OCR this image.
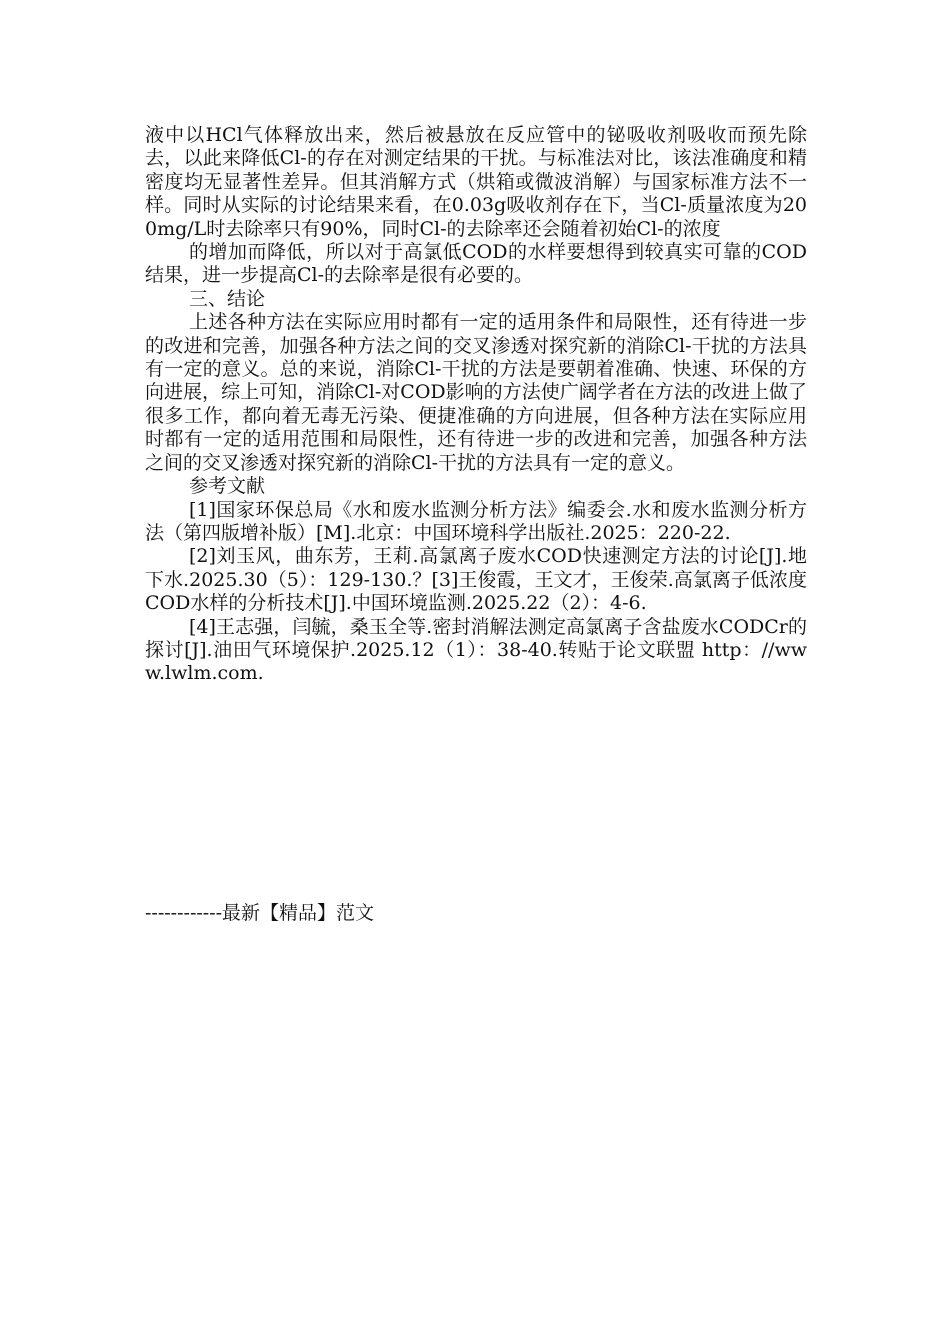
液中以HCl气体释放出来，然后被悬放在反应管中的铋吸收剂吸收而预先除去，以此来降低Cl-的存在对测定结果的干扰。与标准法对比，该法准确度和精密度均无显著性差异。但其消解方式（烘箱或微波消解）与国家标准方法不一样。同时从实际的讨论结果来看，在0.03g吸收剂存在下，当Cl-质量浓度为200mg/L时去除率只有90%，同时Cl-的去除率还会随着初始Cl-的浓度

的增加而降低，所以对于高氯低COD的水样要想得到较真实可靠的COD结果，进一步提高Cl-的去除率是很有必要的。

三、结论

上述各种方法在实际应用时都有一定的适用条件和局限性，还有待进一步的改进和完善，加强各种方法之间的交叉渗透对探究新的消除Cl-干扰的方法具有一定的意义。总的来说，消除Cl-干扰的方法是要朝着准确、快速、环保的方向进展，综上可知，消除Cl-对COD影响的方法使广阔学者在方法的改进上做了很多工作，都向着无毒无污染、便捷准确的方向进展，但各种方法在实际应用时都有一定的适用范围和局限性，还有待进一步的改进和完善，加强各种方法之间的交叉渗透对探究新的消除Cl-干扰的方法具有一定的意义。

参考文献

[1]国家环保总局《水和废水监测分析方法》编委会.水和废水监测分析方法（第四版增补版）[M].北京：中国环境科学出版社.2025：220-22.

[2]刘玉风，曲东芳，王莉.高氯离子废水COD快速测定方法的讨论[J].地下水.2025.30（5）：129-130.？[3]王俊霞，王文才，王俊荣.高氯离子低浓度COD水样的分析技术[J].中国环境监测.2025.22（2）：4-6.

[4]王志强，闫毓，桑玉全等.密封消解法测定高氯离子含盐废水CODCr的探讨[J].油田气环境保护.2025.12（1）：38-40.转贴于论文联盟 http：//www.lwlm.com.

------------最新【精品】范文
